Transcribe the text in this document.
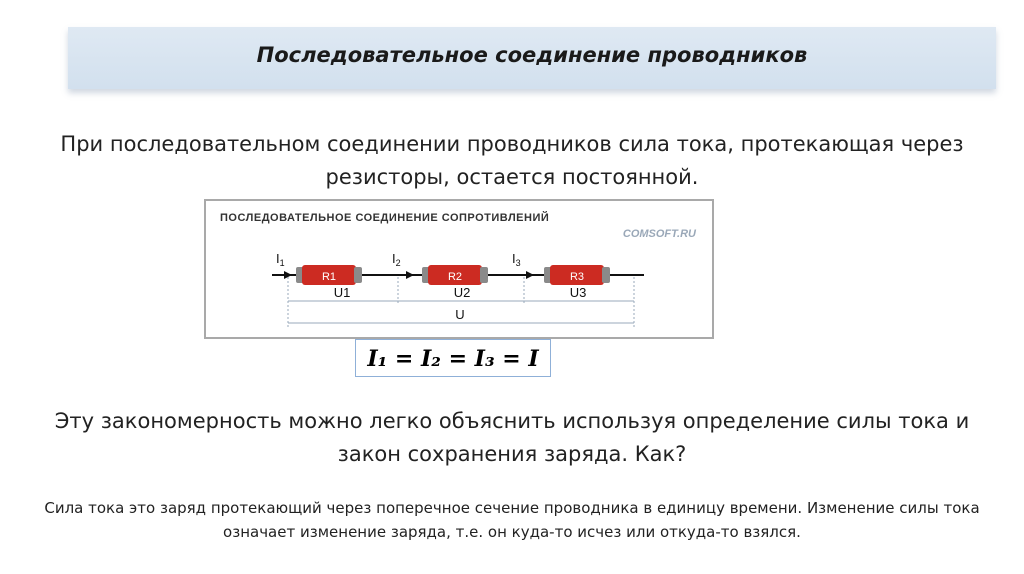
Последовательное соединение проводников
При последовательном соединении проводников сила тока, протекающая через резисторы, остается постоянной.
ПОСЛЕДОВАТЕЛЬНОЕ СОЕДИНЕНИЕ СОПРОТИВЛЕНИЙ
COMSOFT.RU
$I_1$	$I_2$	$I_3$
R1	R2	R3
U1	U2	U3
U
I₁ = I₂ = I₃ = I
Эту закономерность можно легко объяснить используя определение силы тока и закон сохранения заряда. Как?
Сила тока это заряд протекающий через поперечное сечение проводника в единицу времени. Изменение силы тока означает изменение заряда, т.е. он куда-то исчез или откуда-то взялся.
